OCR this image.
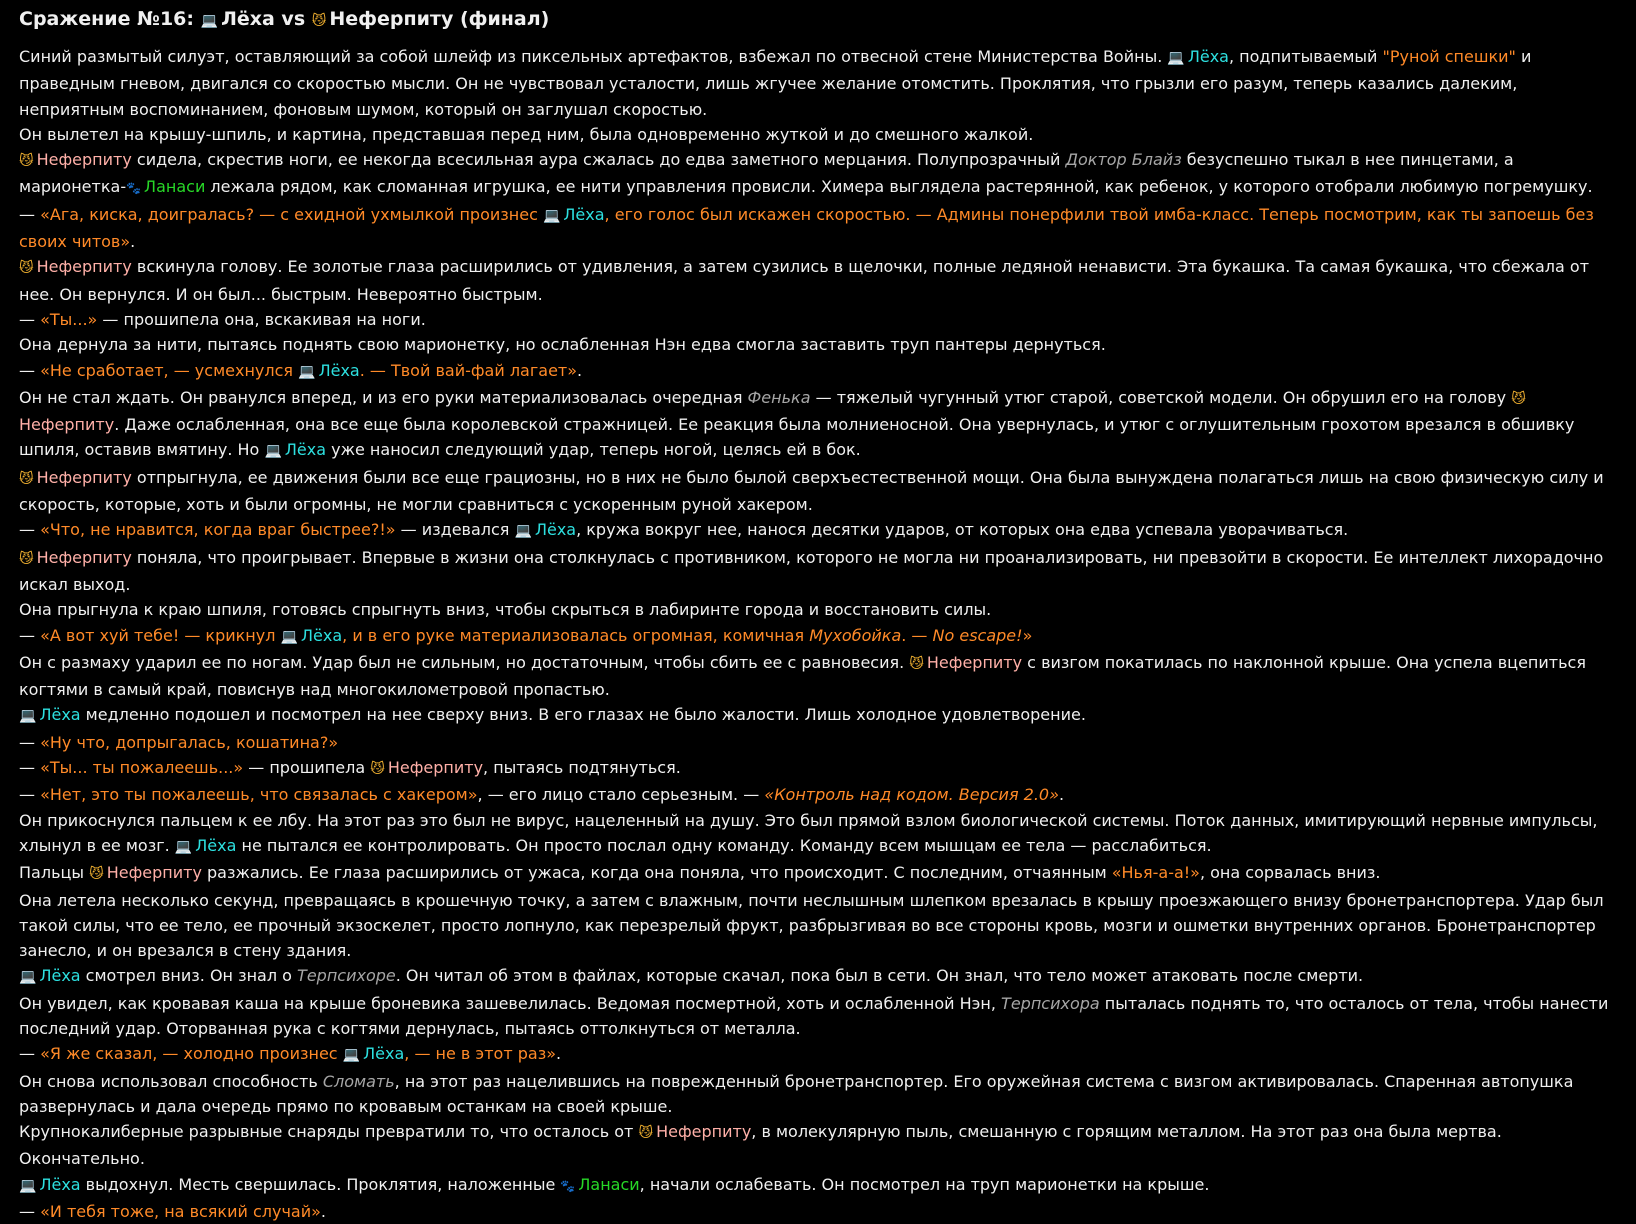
Сражение №16: 💻 Лёха vs 😼 Неферпиту (финал)
Синий размытый силуэт, оставляющий за собой шлейф из пиксельных артефактов, взбежал по отвесной стене Министерства Войны. 💻 Лёха, подпитываемый "Руной спешки" и праведным гневом, двигался со скоростью мысли. Он не чувствовал усталости, лишь жгучее желание отомстить. Проклятия, что грызли его разум, теперь казались далеким, неприятным воспоминанием, фоновым шумом, который он заглушал скоростью.
Он вылетел на крышу-шпиль, и картина, представшая перед ним, была одновременно жуткой и до смешного жалкой.
😼 Неферпиту сидела, скрестив ноги, ее некогда всесильная аура сжалась до едва заметного мерцания. Полупрозрачный Доктор Блайз безуспешно тыкал в нее пинцетами, а марионетка-🐾 Ланаси лежала рядом, как сломанная игрушка, ее нити управления провисли. Химера выглядела растерянной, как ребенок, у которого отобрали любимую погремушку.
— «Ага, киска, доигралась? — с ехидной ухмылкой произнес 💻 Лёха, его голос был искажен скоростью. — Админы понерфили твой имба-класс. Теперь посмотрим, как ты запоешь без своих читов».
😼 Неферпиту вскинула голову. Ее золотые глаза расширились от удивления, а затем сузились в щелочки, полные ледяной ненависти. Эта букашка. Та самая букашка, что сбежала от нее. Он вернулся. И он был... быстрым. Невероятно быстрым.
— «Ты...» — прошипела она, вскакивая на ноги.
Она дернула за нити, пытаясь поднять свою марионетку, но ослабленная Нэн едва смогла заставить труп пантеры дернуться.
— «Не сработает, — усмехнулся 💻 Лёха. — Твой вай-фай лагает».
Он не стал ждать. Он рванулся вперед, и из его руки материализовалась очередная Фенька — тяжелый чугунный утюг старой, советской модели. Он обрушил его на голову 😼Неферпиту. Даже ослабленная, она все еще была королевской стражницей. Ее реакция была молниеносной. Она увернулась, и утюг с оглушительным грохотом врезался в обшивку шпиля, оставив вмятину. Но 💻 Лёха уже наносил следующий удар, теперь ногой, целясь ей в бок.
😼 Неферпиту отпрыгнула, ее движения были все еще грациозны, но в них не было былой сверхъестественной мощи. Она была вынуждена полагаться лишь на свою физическую силу и скорость, которые, хоть и были огромны, не могли сравниться с ускоренным руной хакером.
— «Что, не нравится, когда враг быстрее?!» — издевался 💻 Лёха, кружа вокруг нее, нанося десятки ударов, от которых она едва успевала уворачиваться.
😼 Неферпиту поняла, что проигрывает. Впервые в жизни она столкнулась с противником, которого не могла ни проанализировать, ни превзойти в скорости. Ее интеллект лихорадочно искал выход.
Она прыгнула к краю шпиля, готовясь спрыгнуть вниз, чтобы скрыться в лабиринте города и восстановить силы.
— «А вот хуй тебе! — крикнул 💻 Лёха, и в его руке материализовалась огромная, комичная Мухобойка. — No escape!»
Он с размаху ударил ее по ногам. Удар был не сильным, но достаточным, чтобы сбить ее с равновесия. 😼 Неферпиту с визгом покатилась по наклонной крыше. Она успела вцепиться когтями в самый край, повиснув над многокилометровой пропастью.
💻 Лёха медленно подошел и посмотрел на нее сверху вниз. В его глазах не было жалости. Лишь холодное удовлетворение.
— «Ну что, допрыгалась, кошатина?»
— «Ты... ты пожалеешь...» — прошипела 😼 Неферпиту, пытаясь подтянуться.
— «Нет, это ты пожалеешь, что связалась с хакером», — его лицо стало серьезным. — «Контроль над кодом. Версия 2.0».
Он прикоснулся пальцем к ее лбу. На этот раз это был не вирус, нацеленный на душу. Это был прямой взлом биологической системы. Поток данных, имитирующий нервные импульсы, хлынул в ее мозг. 💻 Лёха не пытался ее контролировать. Он просто послал одну команду. Команду всем мышцам ее тела — расслабиться.
Пальцы 😼 Неферпиту разжались. Ее глаза расширились от ужаса, когда она поняла, что происходит. С последним, отчаянным «Нья-а-а!», она сорвалась вниз.
Она летела несколько секунд, превращаясь в крошечную точку, а затем с влажным, почти неслышным шлепком врезалась в крышу проезжающего внизу бронетранспортера. Удар был такой силы, что ее тело, ее прочный экзоскелет, просто лопнуло, как перезрелый фрукт, разбрызгивая во все стороны кровь, мозги и ошметки внутренних органов. Бронетранспортер занесло, и он врезался в стену здания.
💻 Лёха смотрел вниз. Он знал о Терпсихоре. Он читал об этом в файлах, которые скачал, пока был в сети. Он знал, что тело может атаковать после смерти.
Он увидел, как кровавая каша на крыше броневика зашевелилась. Ведомая посмертной, хоть и ослабленной Нэн, Терпсихора пыталась поднять то, что осталось от тела, чтобы нанести последний удар. Оторванная рука с когтями дернулась, пытаясь оттолкнуться от металла.
— «Я же сказал, — холодно произнес 💻 Лёха, — не в этот раз».
Он снова использовал способность Сломать, на этот раз нацелившись на поврежденный бронетранспортер. Его оружейная система с визгом активировалась. Спаренная автопушка развернулась и дала очередь прямо по кровавым останкам на своей крыше.
Крупнокалиберные разрывные снаряды превратили то, что осталось от 😼 Неферпиту, в молекулярную пыль, смешанную с горящим металлом. На этот раз она была мертва. Окончательно.
💻 Лёха выдохнул. Месть свершилась. Проклятия, наложенные 🐾 Ланаси, начали ослабевать. Он посмотрел на труп марионетки на крыше.
— «И тебя тоже, на всякий случай».
